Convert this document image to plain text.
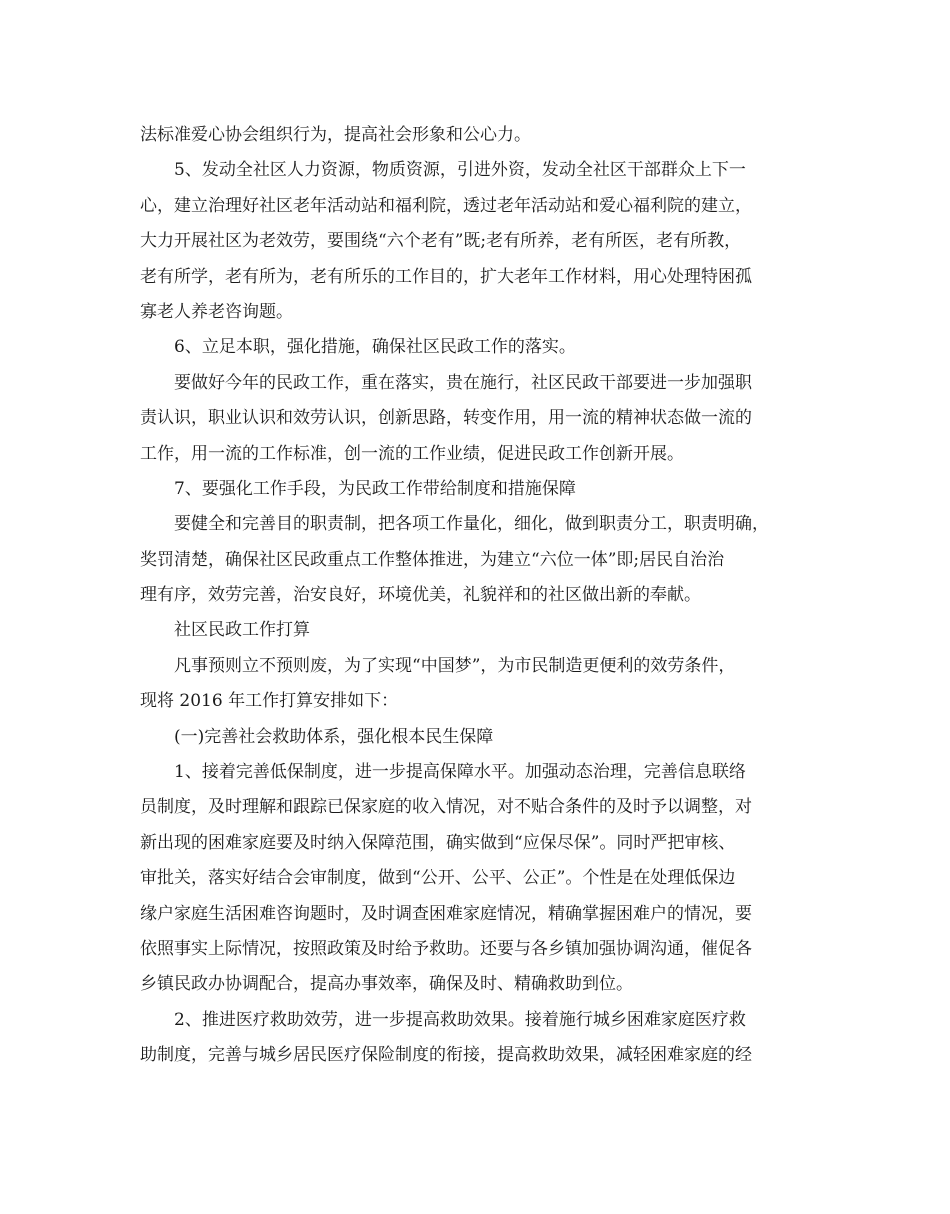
法标准爱心协会组织行为，提高社会形象和公心力。
5、发动全社区人力资源，物质资源，引进外资，发动全社区干部群众上下一
心，建立治理好社区老年活动站和福利院，透过老年活动站和爱心福利院的建立，
大力开展社区为老效劳，要围绕“六个老有”既;老有所养，老有所医，老有所教，
老有所学，老有所为，老有所乐的工作目的，扩大老年工作材料，用心处理特困孤
寡老人养老咨询题。
6、立足本职，强化措施，确保社区民政工作的落实。
要做好今年的民政工作，重在落实，贵在施行，社区民政干部要进一步加强职
责认识，职业认识和效劳认识，创新思路，转变作用，用一流的精神状态做一流的
工作，用一流的工作标准，创一流的工作业绩，促进民政工作创新开展。
7、要强化工作手段，为民政工作带给制度和措施保障
要健全和完善目的职责制，把各项工作量化，细化，做到职责分工，职责明确，
奖罚清楚，确保社区民政重点工作整体推进，为建立“六位一体”即;居民自治治
理有序，效劳完善，治安良好，环境优美，礼貌祥和的社区做出新的奉献。
社区民政工作打算
凡事预则立不预则废，为了实现“中国梦”，为市民制造更便利的效劳条件，
现将 2016 年工作打算安排如下：
(一)完善社会救助体系，强化根本民生保障
1、接着完善低保制度，进一步提高保障水平。加强动态治理，完善信息联络
员制度，及时理解和跟踪已保家庭的收入情况，对不贴合条件的及时予以调整，对
新出现的困难家庭要及时纳入保障范围，确实做到“应保尽保”。同时严把审核、
审批关，落实好结合会审制度，做到“公开、公平、公正”。个性是在处理低保边
缘户家庭生活困难咨询题时，及时调查困难家庭情况，精确掌握困难户的情况，要
依照事实上际情况，按照政策及时给予救助。还要与各乡镇加强协调沟通，催促各
乡镇民政办协调配合，提高办事效率，确保及时、精确救助到位。
2、推进医疗救助效劳，进一步提高救助效果。接着施行城乡困难家庭医疗救
助制度，完善与城乡居民医疗保险制度的衔接，提高救助效果，减轻困难家庭的经
